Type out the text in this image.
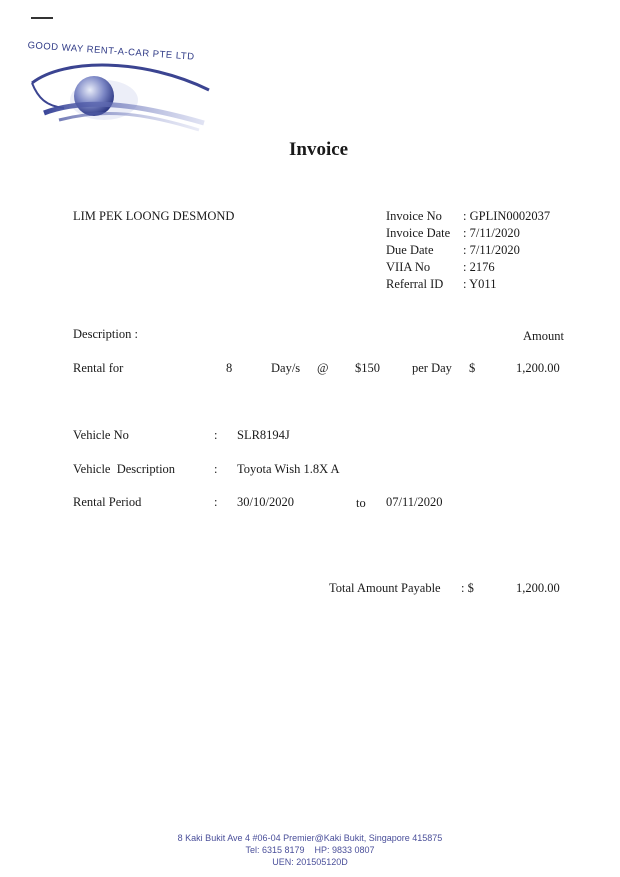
GOOD WAY RENT-A-CAR PTE LTD
Invoice
LIM PEK LOONG DESMOND	Invoice No	: GPLIN0002037
Invoice Date	: 7/11/2020
Due Date	: 7/11/2020
VIIA No	: 2176
Referral ID	: Y011
Description :	Amount
Rental for	8	Day/s @ $150	per Day $	1,200.00
Vehicle No	: SLR8194J
Vehicle  Description	: Toyota Wish 1.8X A
Rental Period	: 30/10/2020	to 07/11/2020
Total Amount Payable : $	1,200.00
8 Kaki Bukit Ave 4 #06-04 Premier@Kaki Bukit, Singapore 415875
Tel: 6315 8179    HP: 9833 0807
UEN: 201505120D
